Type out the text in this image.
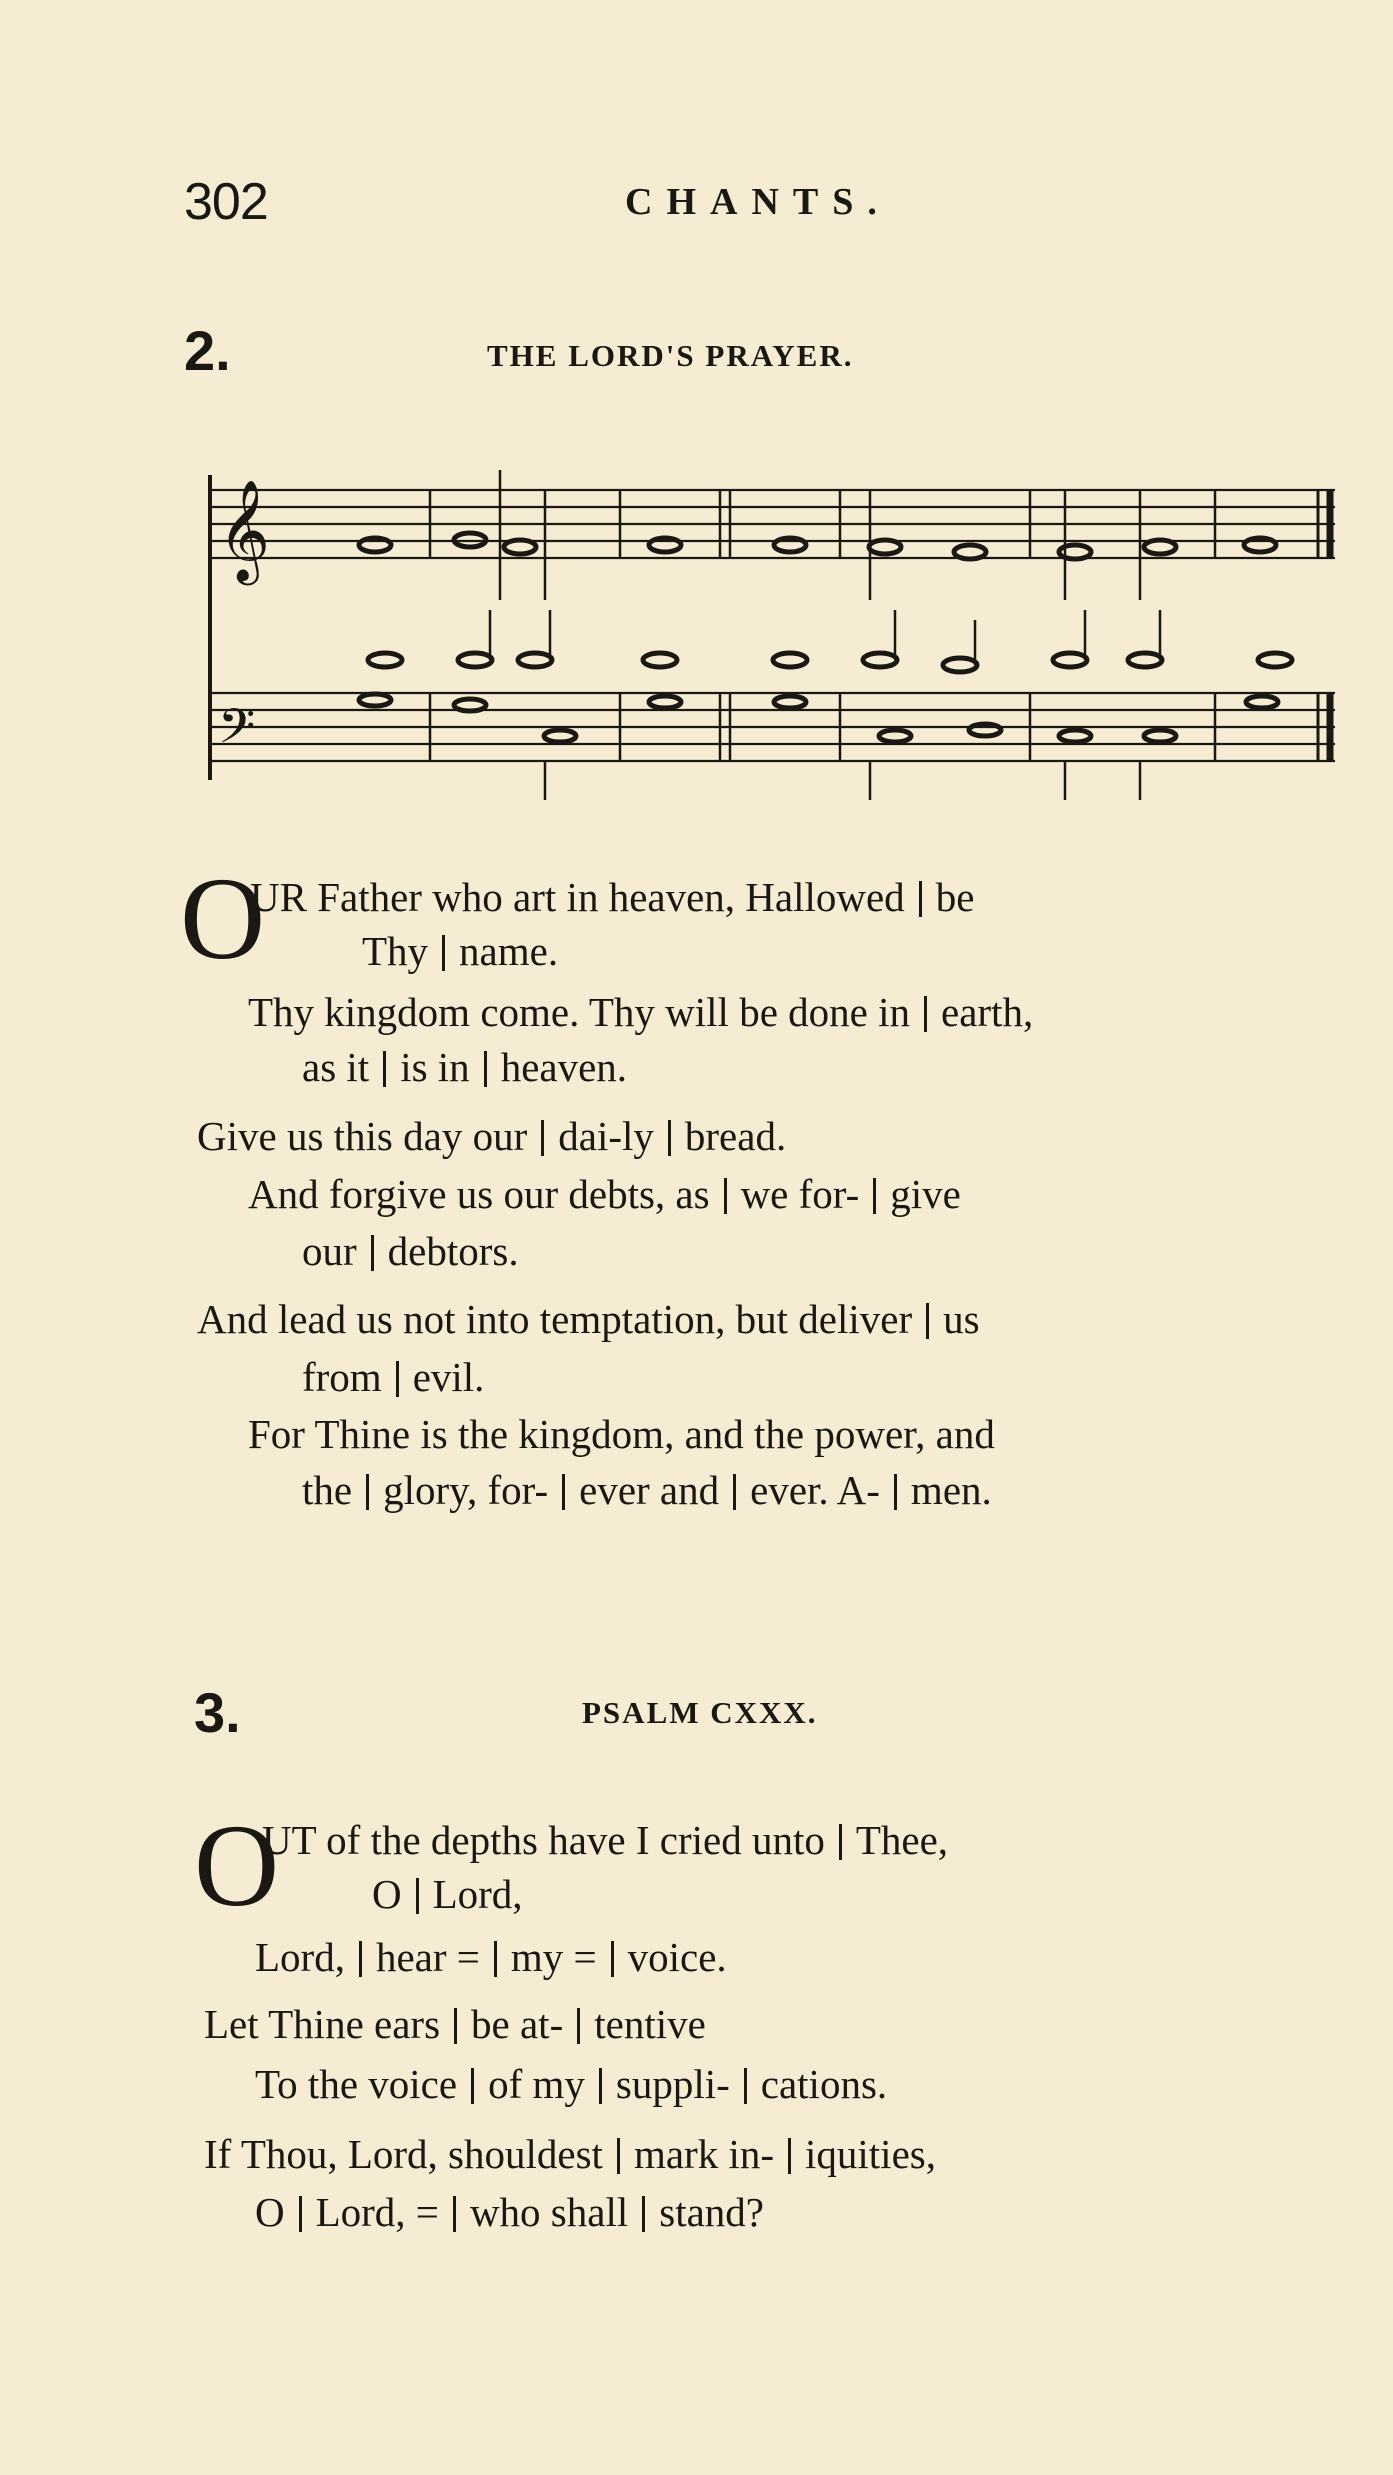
302	CHANTS.
2.	THE LORD'S PRAYER.
𝄞
𝄢
O
UR Father who art in heaven, Hallowed be
Thy name.
Thy kingdom come. Thy will be done in earth,
as it is in heaven.
Give us this day our dai-ly bread.
And forgive us our debts, as we for- give
our debtors.
And lead us not into temptation, but deliver us
from evil.
For Thine is the kingdom, and the power, and
the glory, for- ever and ever. A- men.
3.	PSALM CXXX.
O
UT of the depths have I cried unto Thee,
O Lord,
Lord, hear = my = voice.
Let Thine ears be at- tentive
To the voice of my suppli- cations.
If Thou, Lord, shouldest mark in- iquities,
O Lord, = who shall stand?
